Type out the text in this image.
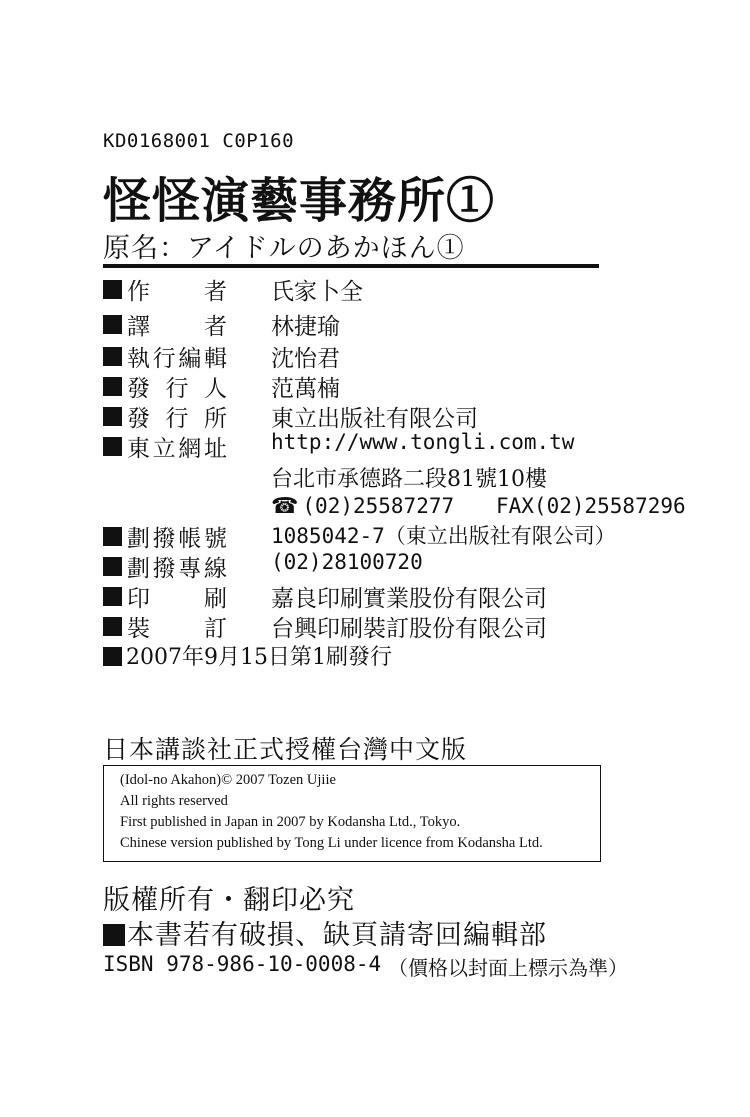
KD0168001 C0P160
怪怪演藝事務所①
原名：アイドルのあかほん①
作 者 氏家卜全
譯 者 林捷瑜
執 行 編 輯 沈怡君
發 行 人 范萬楠
發 行 所 東立出版社有限公司
東 立 網 址 http://www.tongli.com.tw
台北市承德路二段81號10樓
☎ (02)25587277 FAX(02)25587296
劃 撥 帳 號 1085042-7（東立出版社有限公司）
劃 撥 專 線 (02)28100720
印 刷 嘉良印刷實業股份有限公司
裝 訂 台興印刷裝訂股份有限公司
2007年9月15日第1刷發行
日本講談社正式授權台灣中文版
(Idol-no Akahon)© 2007 Tozen Ujiie
All rights reserved
First published in Japan in 2007 by Kodansha Ltd., Tokyo.
Chinese version published by Tong Li under licence from Kodansha Ltd.
版權所有・翻印必究
本書若有破損、缺頁請寄回編輯部
ISBN 978-986-10-0008-4 （價格以封面上標示為準）
